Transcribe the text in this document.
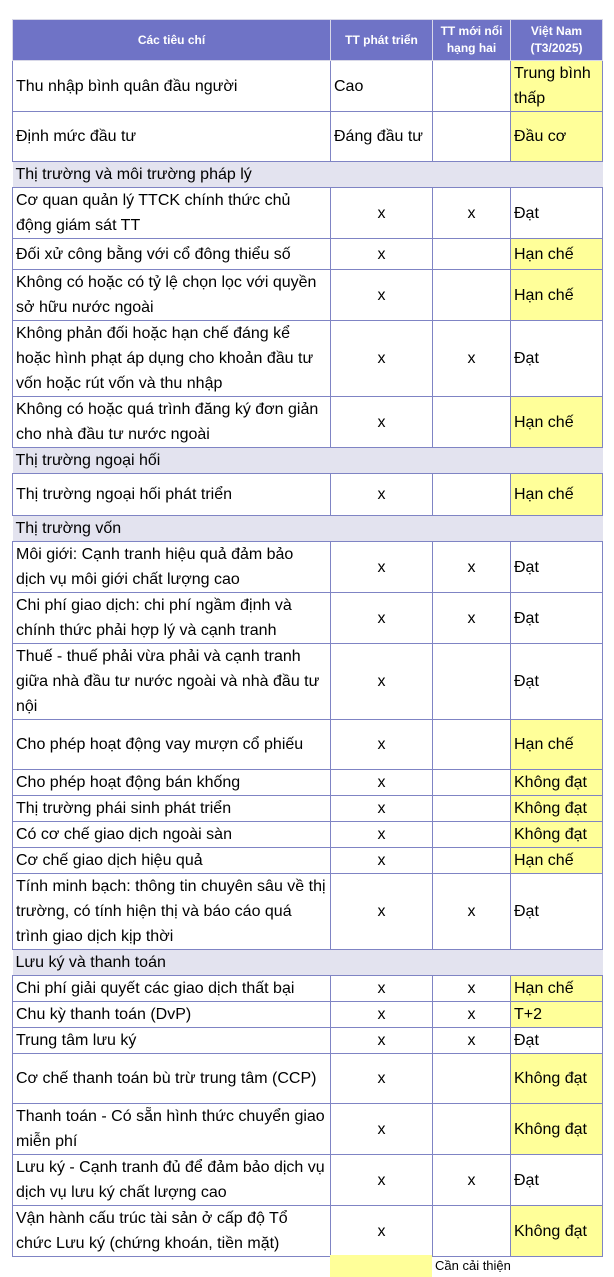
Các tiêu chí	TT phát triển	TT mới nổi hạng hai	Việt Nam (T3/2025)
Thu nhập bình quân đầu người	Cao		Trung bình thấp
Định mức đầu tư	Đáng đầu tư		Đầu cơ
Thị trường và môi trường pháp lý			
Cơ quan quản lý TTCK chính thức chủ động giám sát TT	x	x	Đạt
Đối xử công bằng với cổ đông thiểu số	x		Hạn chế
Không có hoặc có tỷ lệ chọn lọc với quyền sở hữu nước ngoài	x		Hạn chế
Không phản đối hoặc hạn chế đáng kể hoặc hình phạt áp dụng cho khoản đầu tư vốn hoặc rút vốn và thu nhập	x	x	Đạt
Không có hoặc quá trình đăng ký đơn giản cho nhà đầu tư nước ngoài	x		Hạn chế
Thị trường ngoại hối			
Thị trường ngoại hối phát triển	x		Hạn chế
Thị trường vốn			
Môi giới: Cạnh tranh hiệu quả đảm bảo dịch vụ môi giới chất lượng cao	x	x	Đạt
Chi phí giao dịch: chi phí ngầm định và chính thức phải hợp lý và cạnh tranh	x	x	Đạt
Thuế - thuế phải vừa phải và cạnh tranh giữa nhà đầu tư nước ngoài và nhà đầu tư nội	x		Đạt
Cho phép hoạt động vay mượn cổ phiếu	x		Hạn chế
Cho phép hoạt động bán khống	x		Không đạt
Thị trường phái sinh phát triển	x		Không đạt
Có cơ chế giao dịch ngoài sàn	x		Không đạt
Cơ chế giao dịch hiệu quả	x		Hạn chế
Tính minh bạch: thông tin chuyên sâu về thị trường, có tính hiện thị và báo cáo quá trình giao dịch kịp thời	x	x	Đạt
Lưu ký và thanh toán			
Chi phí giải quyết các giao dịch thất bại	x	x	Hạn chế
Chu kỳ thanh toán (DvP)	x	x	T+2
Trung tâm lưu ký	x	x	Đạt
Cơ chế thanh toán bù trừ trung tâm (CCP)	x		Không đạt
Thanh toán - Có sẵn hình thức chuyển giao miễn phí	x		Không đạt
Lưu ký - Cạnh tranh đủ để đảm bảo dịch vụ dịch vụ lưu ký chất lượng cao	x	x	Đạt
Vận hành cấu trúc tài sản ở cấp độ Tổ chức Lưu ký (chứng khoán, tiền mặt)	x		Không đạt
Cần cải thiện
